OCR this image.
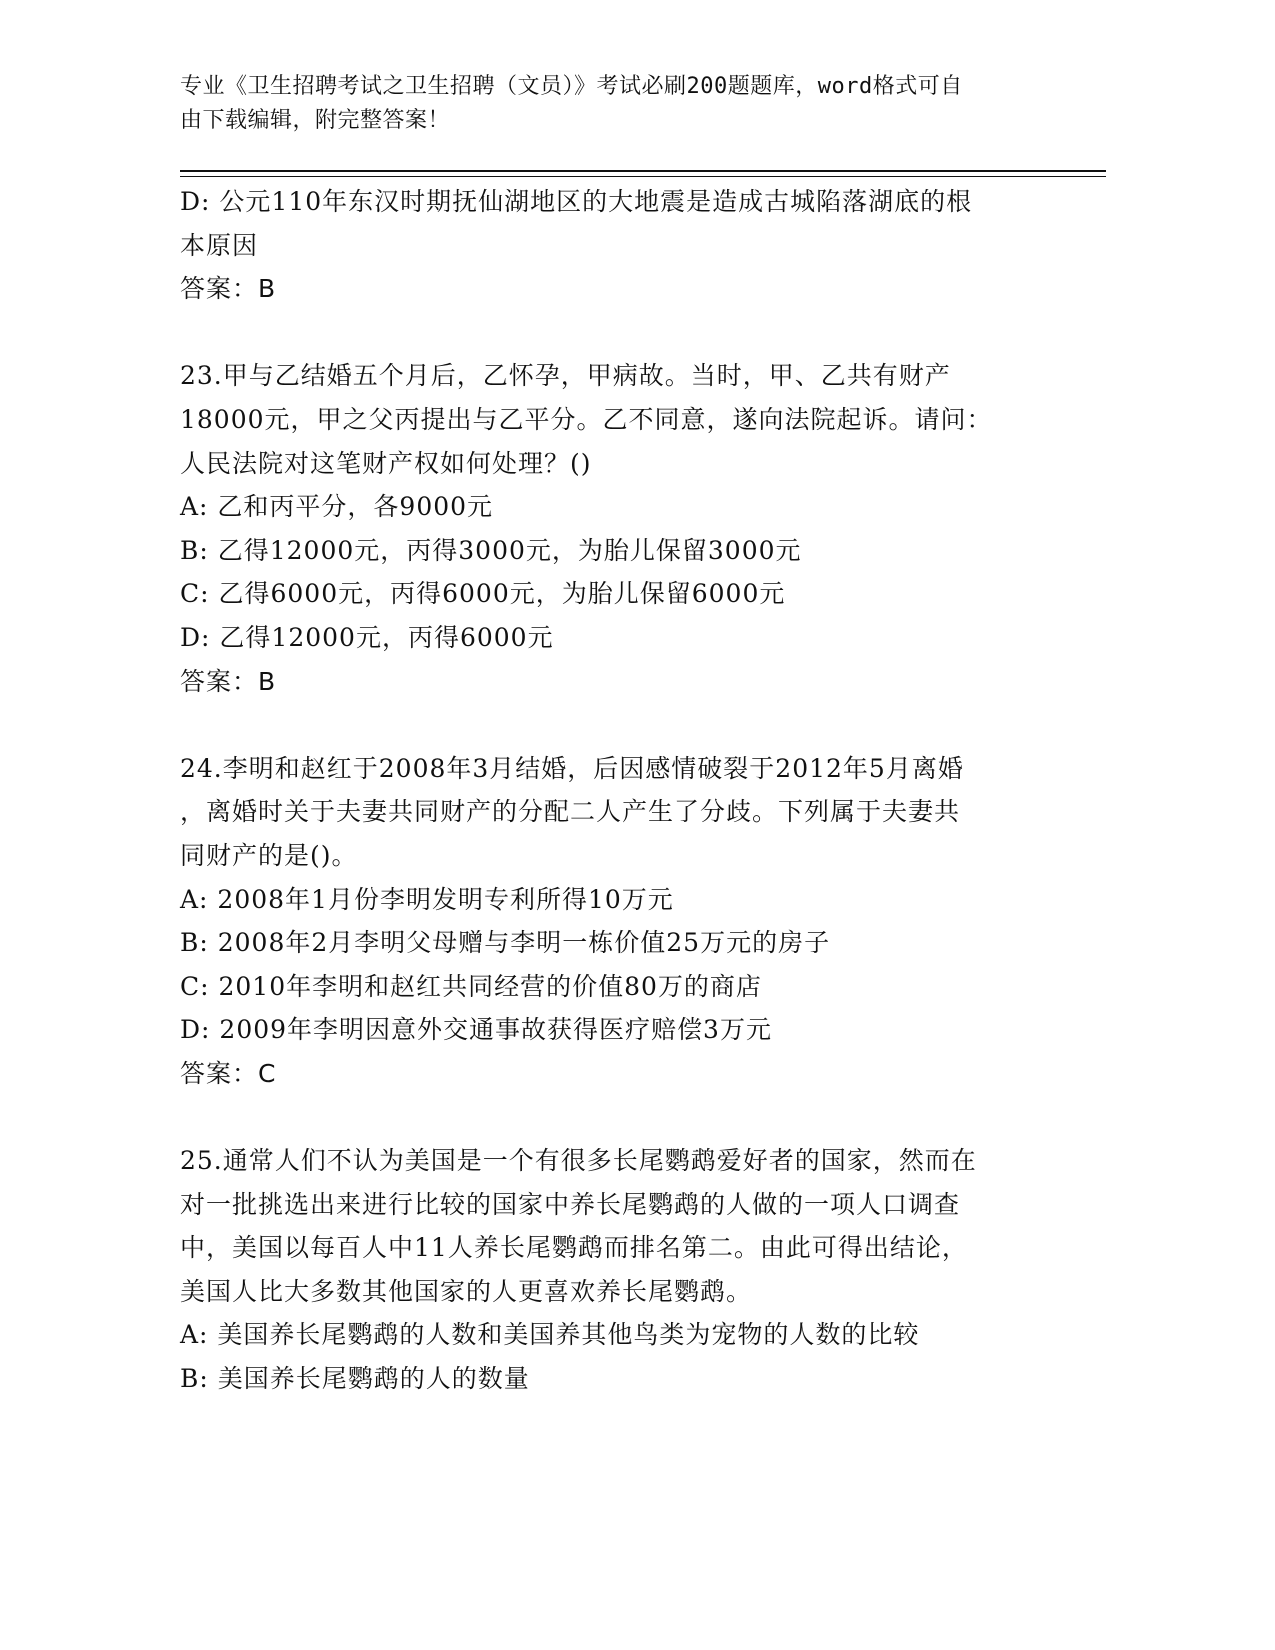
专业《卫生招聘考试之卫生招聘（文员）》考试必刷200题题库，word格式可自
由下载编辑，附完整答案！
D: 公元110年东汉时期抚仙湖地区的大地震是造成古城陷落湖底的根
本原因
答案：B
23.甲与乙结婚五个月后，乙怀孕，甲病故。当时，甲、乙共有财产
18000元，甲之父丙提出与乙平分。乙不同意，遂向法院起诉。请问：
人民法院对这笔财产权如何处理？()
A: 乙和丙平分，各9000元
B: 乙得12000元，丙得3000元，为胎儿保留3000元
C: 乙得6000元，丙得6000元，为胎儿保留6000元
D: 乙得12000元，丙得6000元
答案：B
24.李明和赵红于2008年3月结婚，后因感情破裂于2012年5月离婚
，离婚时关于夫妻共同财产的分配二人产生了分歧。下列属于夫妻共
同财产的是()。
A: 2008年1月份李明发明专利所得10万元
B: 2008年2月李明父母赠与李明一栋价值25万元的房子
C: 2010年李明和赵红共同经营的价值80万的商店
D: 2009年李明因意外交通事故获得医疗赔偿3万元
答案：C
25.通常人们不认为美国是一个有很多长尾鹦鹉爱好者的国家，然而在
对一批挑选出来进行比较的国家中养长尾鹦鹉的人做的一项人口调查
中，美国以每百人中11人养长尾鹦鹉而排名第二。由此可得出结论，
美国人比大多数其他国家的人更喜欢养长尾鹦鹉。
A: 美国养长尾鹦鹉的人数和美国养其他鸟类为宠物的人数的比较
B: 美国养长尾鹦鹉的人的数量
